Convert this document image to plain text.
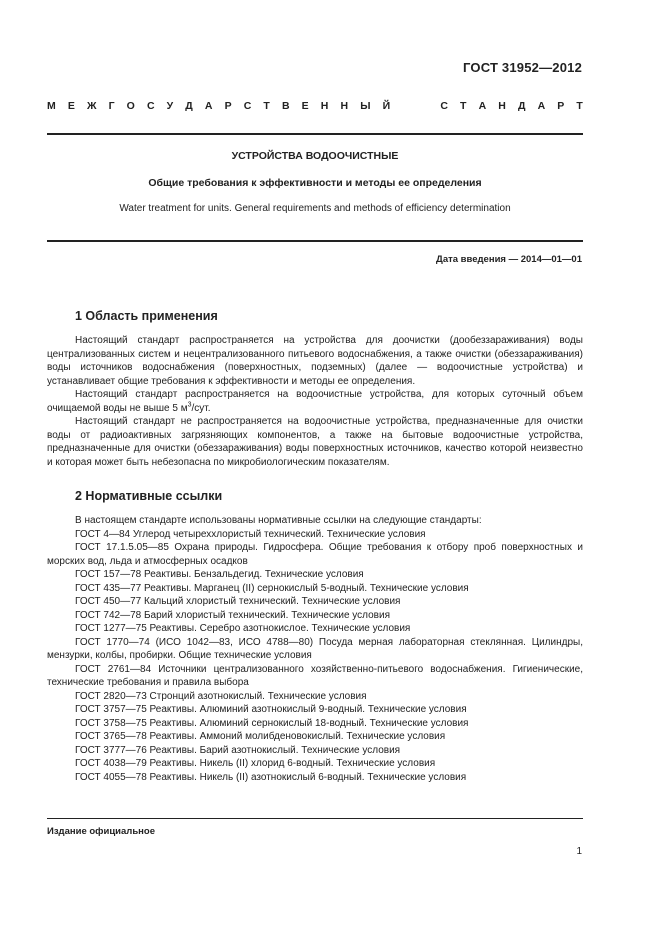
ГОСТ 31952—2012
М Е Ж Г О С У Д А Р С Т В Е Н Н Ы Й	С Т А Н Д А Р Т
УСТРОЙСТВА ВОДООЧИСТНЫЕ
Общие требования к эффективности и методы ее определения
Water treatment for units. General requirements and methods of efficiency determination
Дата введения — 2014—01—01
1 Область применения

Настоящий стандарт распространяется на устройства для доочистки (дообеззараживания) воды централизованных систем и нецентрализованного питьевого водоснабжения, а также очистки (обеззараживания) воды источников водоснабжения (поверхностных, подземных) (далее — водоочистные устройства) и устанавливает общие требования к эффективности и методы ее определения.

Настоящий стандарт распространяется на водоочистные устройства, для которых суточный объем очищаемой воды не выше 5 $м^3$/сут.

Настоящий стандарт не распространяется на водоочистные устройства, предназначенные для очистки воды от радиоактивных загрязняющих компонентов, а также на бытовые водоочистные устройства, предназначенные для очистки (обеззараживания) воды поверхностных источников, качество которой неизвестно и которая может быть небезопасна по микробиологическим показателям.

2 Нормативные ссылки

В настоящем стандарте использованы нормативные ссылки на следующие стандарты:

ГОСТ 4—84 Углерод четыреххлористый технический. Технические условия

ГОСТ 17.1.5.05—85 Охрана природы. Гидросфера. Общие требования к отбору проб поверхностных и морских вод, льда и атмосферных осадков

ГОСТ 157—78 Реактивы. Бензальдегид. Технические условия

ГОСТ 435—77 Реактивы. Марганец (II) сернокислый 5-водный. Технические условия

ГОСТ 450—77 Кальций хлористый технический. Технические условия

ГОСТ 742—78 Барий хлористый технический. Технические условия

ГОСТ 1277—75 Реактивы. Серебро азотнокислое. Технические условия

ГОСТ 1770—74 (ИСО 1042—83, ИСО 4788—80) Посуда мерная лабораторная стеклянная. Цилиндры, мензурки, колбы, пробирки. Общие технические условия

ГОСТ 2761—84 Источники централизованного хозяйственно-питьевого водоснабжения. Гигиенические, технические требования и правила выбора

ГОСТ 2820—73 Стронций азотнокислый. Технические условия

ГОСТ 3757—75 Реактивы. Алюминий азотнокислый 9-водный. Технические условия

ГОСТ 3758—75 Реактивы. Алюминий сернокислый 18-водный. Технические условия

ГОСТ 3765—78 Реактивы. Аммоний молибденовокислый. Технические условия

ГОСТ 3777—76 Реактивы. Барий азотнокислый. Технические условия

ГОСТ 4038—79 Реактивы. Никель (II) хлорид 6-водный. Технические условия

ГОСТ 4055—78 Реактивы. Никель (II) азотнокислый 6-водный. Технические условия

Издание официальное
1
